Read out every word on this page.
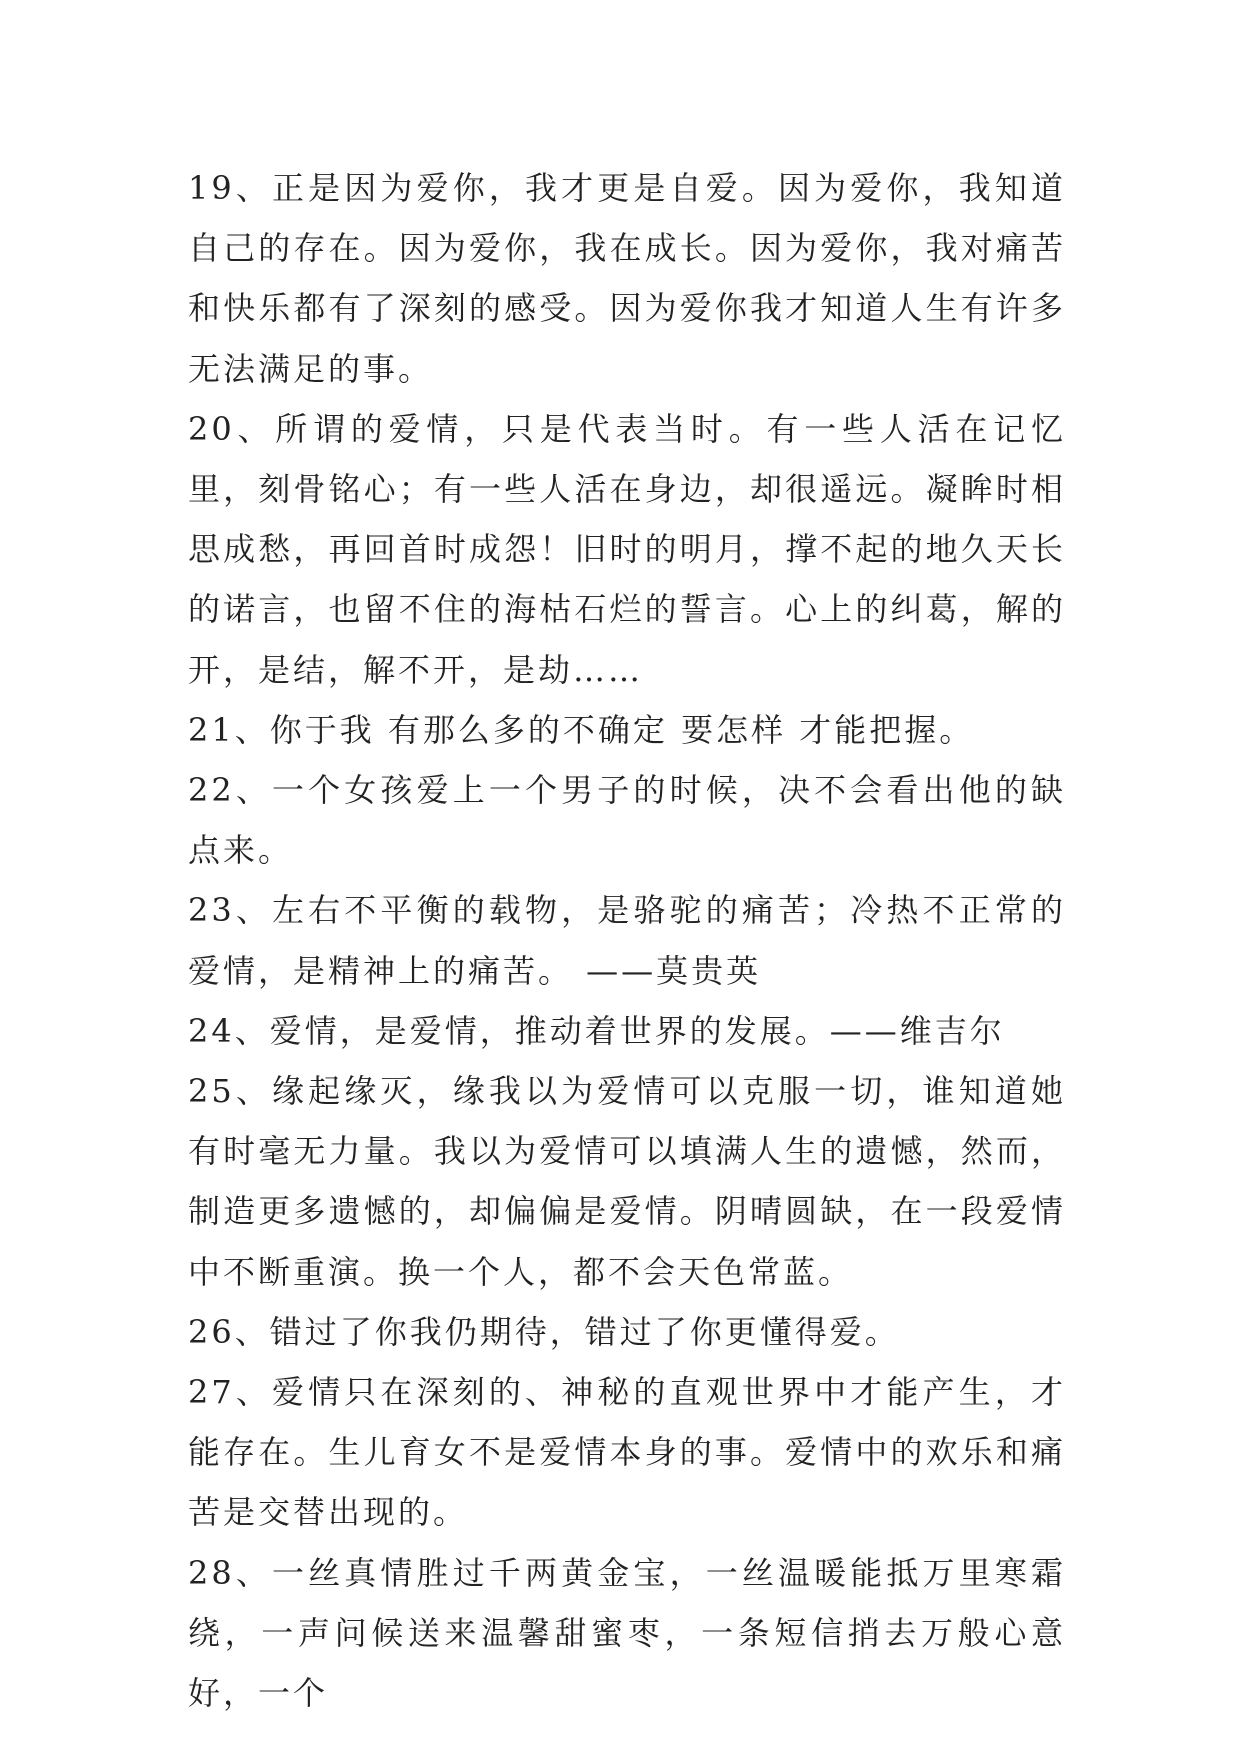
19、正是因为爱你，我才更是自爱。因为爱你，我知道自己的存在。因为爱你，我在成长。因为爱你，我对痛苦和快乐都有了深刻的感受。因为爱你我才知道人生有许多无法满足的事。

20、所谓的爱情，只是代表当时。有一些人活在记忆里，刻骨铭心；有一些人活在身边，却很遥远。凝眸时相思成愁，再回首时成怨！旧时的明月，撑不起的地久天长的诺言，也留不住的海枯石烂的誓言。心上的纠葛，解的开，是结，解不开，是劫……

21、你于我 有那么多的不确定 要怎样 才能把握。

22、一个女孩爱上一个男子的时候，决不会看出他的缺点来。

23、左右不平衡的载物，是骆驼的痛苦；冷热不正常的爱情，是精神上的痛苦。 ——莫贵英

24、爱情，是爱情，推动着世界的发展。——维吉尔

25、缘起缘灭，缘我以为爱情可以克服一切，谁知道她有时毫无力量。我以为爱情可以填满人生的遗憾，然而，制造更多遗憾的，却偏偏是爱情。阴晴圆缺，在一段爱情中不断重演。换一个人，都不会天色常蓝。

26、错过了你我仍期待，错过了你更懂得爱。

27、爱情只在深刻的、神秘的直观世界中才能产生，才能存在。生儿育女不是爱情本身的事。爱情中的欢乐和痛苦是交替出现的。

28、一丝真情胜过千两黄金宝，一丝温暖能抵万里寒霜绕，一声问候送来温馨甜蜜枣，一条短信捎去万般心意好，一个
